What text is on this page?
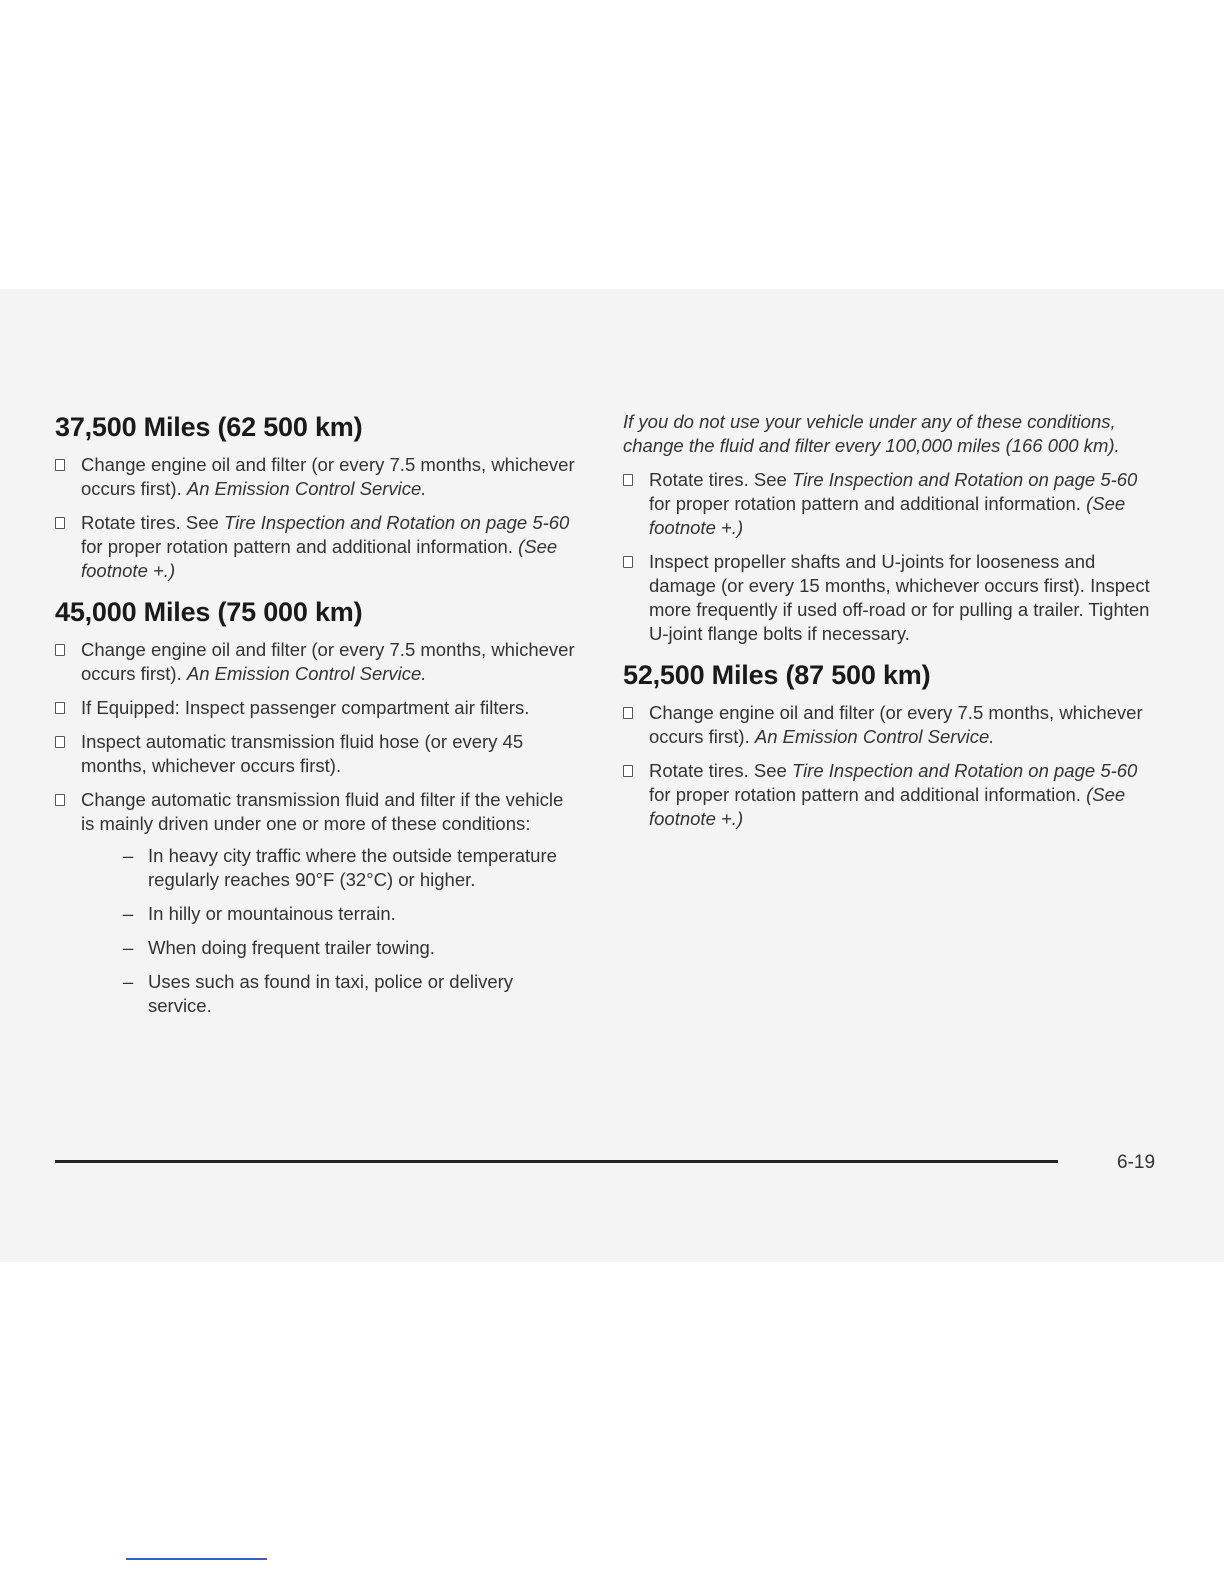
37,500 Miles (62 500 km)
Change engine oil and filter (or every 7.5 months, whichever occurs first). An Emission Control Service.
Rotate tires. See Tire Inspection and Rotation on page 5-60 for proper rotation pattern and additional information. (See footnote +.)
45,000 Miles (75 000 km)
Change engine oil and filter (or every 7.5 months, whichever occurs first). An Emission Control Service.
If Equipped: Inspect passenger compartment air filters.
Inspect automatic transmission fluid hose (or every 45 months, whichever occurs first).
Change automatic transmission fluid and filter if the vehicle is mainly driven under one or more of these conditions:
– In heavy city traffic where the outside temperature regularly reaches 90°F (32°C) or higher.
– In hilly or mountainous terrain.
– When doing frequent trailer towing.
– Uses such as found in taxi, police or delivery service.

If you do not use your vehicle under any of these conditions, change the fluid and filter every 100,000 miles (166 000 km).

Rotate tires. See Tire Inspection and Rotation on page 5-60 for proper rotation pattern and additional information. (See footnote +.)
Inspect propeller shafts and U-joints for looseness and damage (or every 15 months, whichever occurs first). Inspect more frequently if used off-road or for pulling a trailer. Tighten U-joint flange bolts if necessary.
52,500 Miles (87 500 km)
Change engine oil and filter (or every 7.5 months, whichever occurs first). An Emission Control Service.
Rotate tires. See Tire Inspection and Rotation on page 5-60 for proper rotation pattern and additional information. (See footnote +.)
6-19
